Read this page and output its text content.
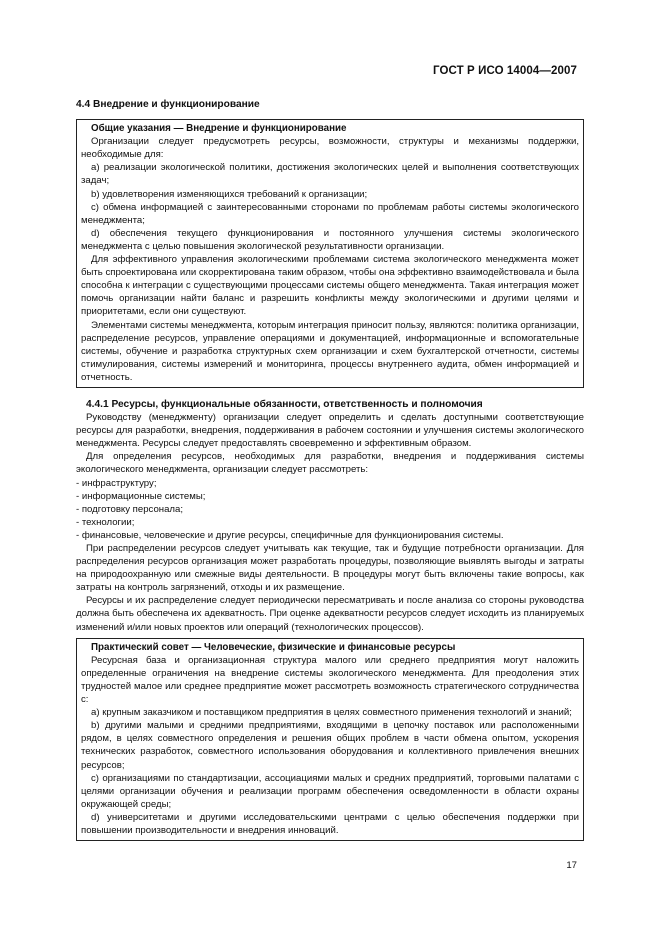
ГОСТ Р ИСО 14004—2007
4.4 Внедрение и функционирование

Общие указания — Внедрение и функционирование

Организации следует предусмотреть ресурсы, возможности, структуры и механизмы поддержки, необходимые для:

a) реализации экологической политики, достижения экологических целей и выполнения соответствующих задач;

b) удовлетворения изменяющихся требований к организации;

c) обмена информацией с заинтересованными сторонами по проблемам работы системы экологического менеджмента;

d) обеспечения текущего функционирования и постоянного улучшения системы экологического менеджмента с целью повышения экологической результативности организации.

Для эффективного управления экологическими проблемами система экологического менеджмента может быть спроектирована или скорректирована таким образом, чтобы она эффективно взаимодействовала и была способна к интеграции с существующими процессами системы общего менеджмента. Такая интеграция может помочь организации найти баланс и разрешить конфликты между экологическими и другими целями и приоритетами, если они существуют.

Элементами системы менеджмента, которым интеграция приносит пользу, являются: политика организации, распределение ресурсов, управление операциями и документацией, информационные и вспомогательные системы, обучение и разработка структурных схем организации и схем бухгалтерской отчетности, системы стимулирования, системы измерений и мониторинга, процессы внутреннего аудита, обмен информацией и отчетность.

4.4.1 Ресурсы, функциональные обязанности, ответственность и полномочия

Руководству (менеджменту) организации следует определить и сделать доступными соответствующие ресурсы для разработки, внедрения, поддерживания в рабочем состоянии и улучшения системы экологического менеджмента. Ресурсы следует предоставлять своевременно и эффективным образом.

Для определения ресурсов, необходимых для разработки, внедрения и поддерживания системы экологического менеджмента, организации следует рассмотреть:

- инфраструктуру;

- информационные системы;

- подготовку персонала;

- технологии;

- финансовые, человеческие и другие ресурсы, специфичные для функционирования системы.

При распределении ресурсов следует учитывать как текущие, так и будущие потребности организации. Для распределения ресурсов организация может разработать процедуры, позволяющие выявлять выгоды и затраты на природоохранную или смежные виды деятельности. В процедуры могут быть включены такие вопросы, как затраты на контроль загрязнений, отходы и их размещение.

Ресурсы и их распределение следует периодически пересматривать и после анализа со стороны руководства должна быть обеспечена их адекватность. При оценке адекватности ресурсов следует исходить из планируемых изменений и/или новых проектов или операций (технологических процессов).

Практический совет — Человеческие, физические и финансовые ресурсы

Ресурсная база и организационная структура малого или среднего предприятия могут наложить определенные ограничения на внедрение системы экологического менеджмента. Для преодоления этих трудностей малое или среднее предприятие может рассмотреть возможность стратегического сотрудничества с:

a) крупным заказчиком и поставщиком предприятия в целях совместного применения технологий и знаний;

b) другими малыми и средними предприятиями, входящими в цепочку поставок или расположенными рядом, в целях совместного определения и решения общих проблем в части обмена опытом, ускорения технических разработок, совместного использования оборудования и коллективного привлечения внешних ресурсов;

c) организациями по стандартизации, ассоциациями малых и средних предприятий, торговыми палатами с целями организации обучения и реализации программ обеспечения осведомленности в области охраны окружающей среды;

d) университетами и другими исследовательскими центрами с целью обеспечения поддержки при повышении производительности и внедрения инноваций.

17
